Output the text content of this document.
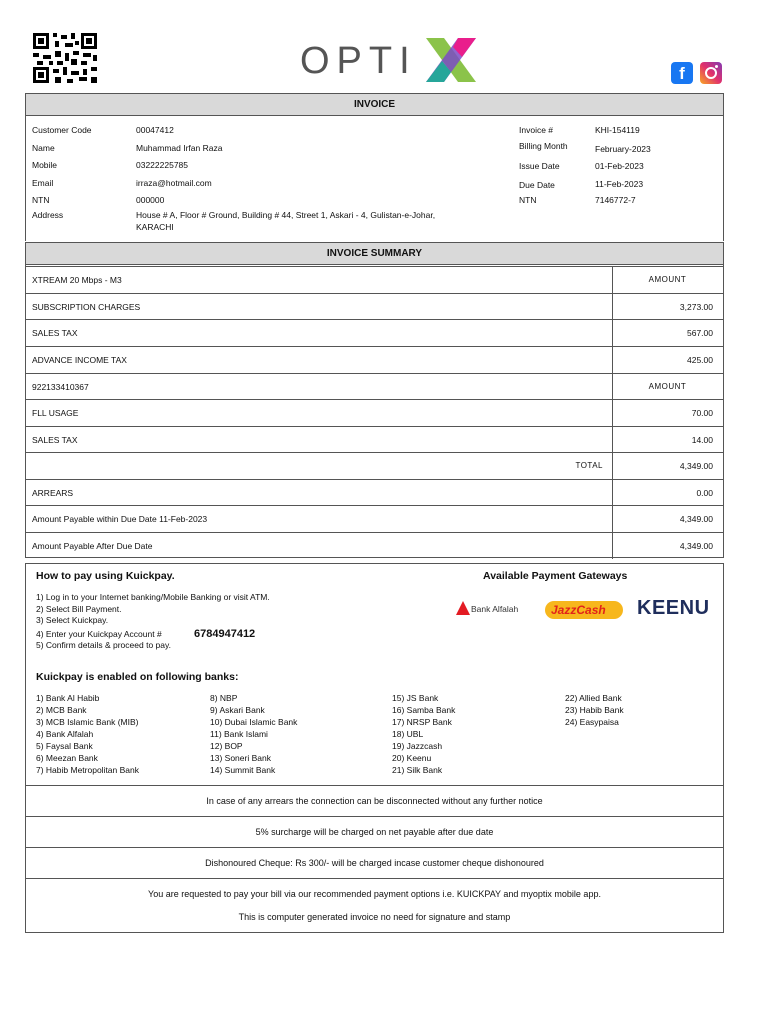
OPTI	f
INVOICE
Customer Code	00047412
Name	Muhammad Irfan Raza
Mobile	03222225785
Email	irraza@hotmail.com
NTN	000000
Address	House # A, Floor # Ground, Building # 44, Street 1, Askari - 4, Gulistan-e-Johar,
KARACHI
Invoice #	KHI-154119
Billing Month	February-2023
Issue Date	01-Feb-2023
Due Date	11-Feb-2023
NTN	7146772-7
INVOICE SUMMARY
XTREAM 20 Mbps - M3	AMOUNT
SUBSCRIPTION CHARGES	3,273.00
SALES TAX	567.00
ADVANCE INCOME TAX	425.00
922133410367	AMOUNT
FLL USAGE	70.00
SALES TAX	14.00
TOTAL	4,349.00
ARREARS	0.00
Amount Payable within Due Date 11-Feb-2023	4,349.00
Amount Payable After Due Date	4,349.00
How to pay using Kuickpay.
1) Log in to your Internet banking/Mobile Banking or visit ATM.
2) Select Bill Payment.
3) Select Kuickpay.
4) Enter your Kuickpay Account #
5) Confirm details & proceed to pay.
6784947412
Available Payment Gateways
Bank Alfalah	JazzCash KEENU
Kuickpay is enabled on following banks:
1) Bank Al Habib
2) MCB Bank
3) MCB Islamic Bank (MIB)
4) Bank Alfalah
5) Faysal Bank
6) Meezan Bank
7) Habib Metropolitan Bank
8) NBP
9) Askari Bank
10) Dubai Islamic Bank
11) Bank Islami
12) BOP
13) Soneri Bank
14) Summit Bank
15) JS Bank
16) Samba Bank
17) NRSP Bank
18) UBL
19) Jazzcash
20) Keenu
21) Silk Bank
22) Allied Bank
23) Habib Bank
24) Easypaisa
In case of any arrears the connection can be disconnected without any further notice
5% surcharge will be charged on net payable after due date
Dishonoured Cheque: Rs 300/- will be charged incase customer cheque dishonoured
You are requested to pay your bill via our recommended payment options i.e. KUICKPAY and myoptix mobile app.
This is computer generated invoice no need for signature and stamp
